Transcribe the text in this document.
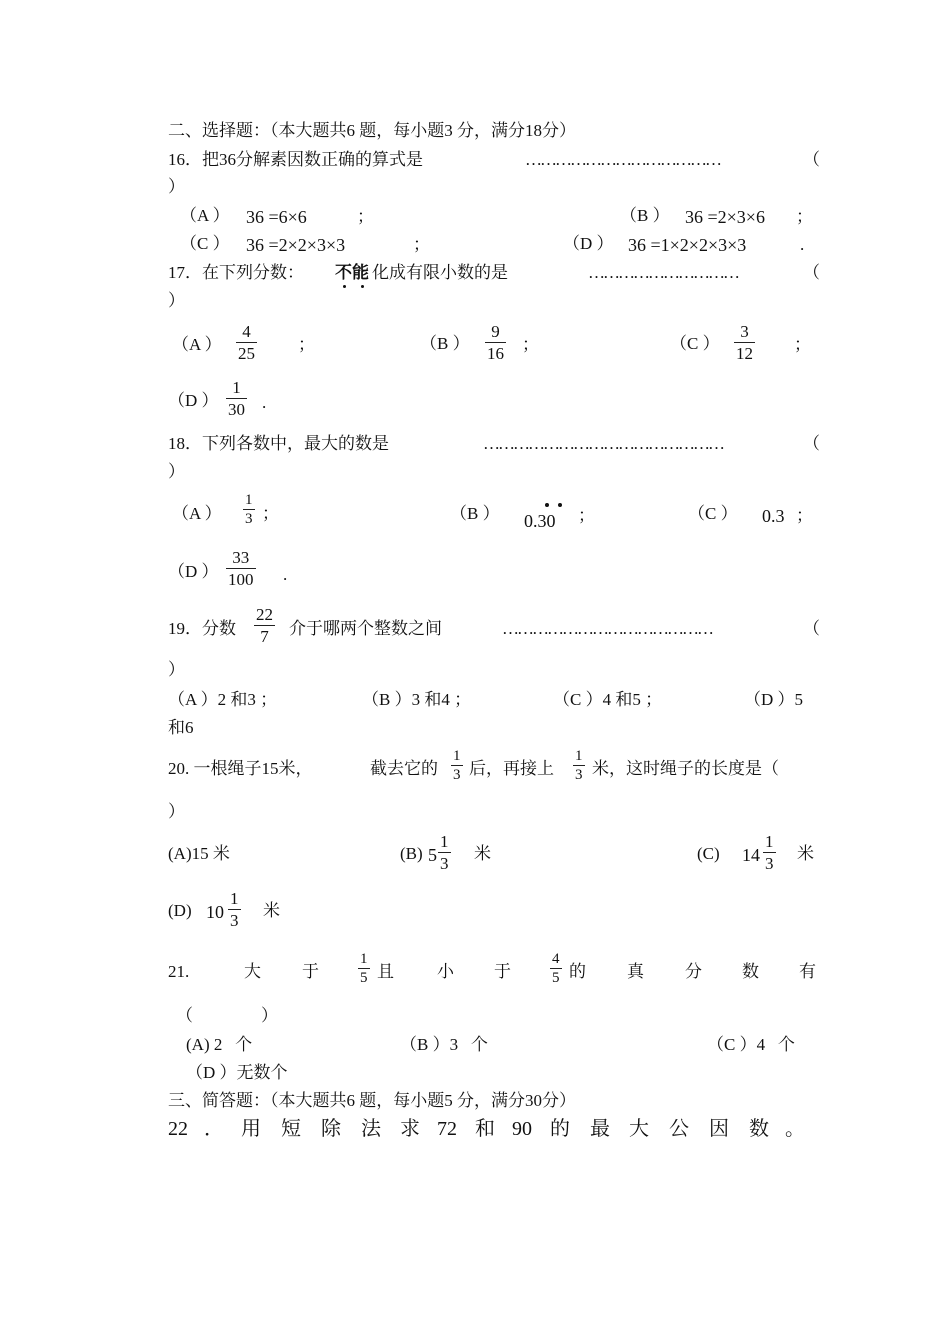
二、选择题：（本大题共6 题，每小题3 分，满分18分）
16．把36分解素因数正确的算式是	…………………………………	（
）
（A ） 36 =6×6	；	（B ） 36 =2×3×6 ；
（C ） 36 =2×2×3×3	；	（D ） 36 =1×2×2×3×3	.
17．在下列分数： 不能 化成有限小数的是	…………………………	（
）
（A ）
4
25	；	（B ）
9
16 ；	（C ）
3
12 ；
（D ）
1
30 .
18．下列各数中，最大的数是	…………………………………………	（
）
（A ）
1
3 ；	（B ） 0.30 ；	（C ） 0.3 ；
（D ）
33
100 .
19．分数
22
7 介于哪两个整数之间	……………………………………	（
）
（A ）2 和3 ；	（B ）3 和4 ；	（C ）4 和5 ；	（D ）5
和6
20. 一根绳子15米，	截去它的
1
3 后，再接上
1
3 米，这时绳子的长度是（
）
(A)15 米	(B) 5
1
3
米	(C) 14
1
3
米
(D) 10
1
3
米
21.	大 于
1
5 且	小 于
4
5 的 真 分 数 有
（                ）
(A) 2   个	（B ）3   个	（C ）4   个
（D ）无数个
三、简答题：（本大题共6 题，每小题5 分，满分30分）
22 ． 用 短 除 法 求 72 和 90 的 最 大 公 因 数 。
